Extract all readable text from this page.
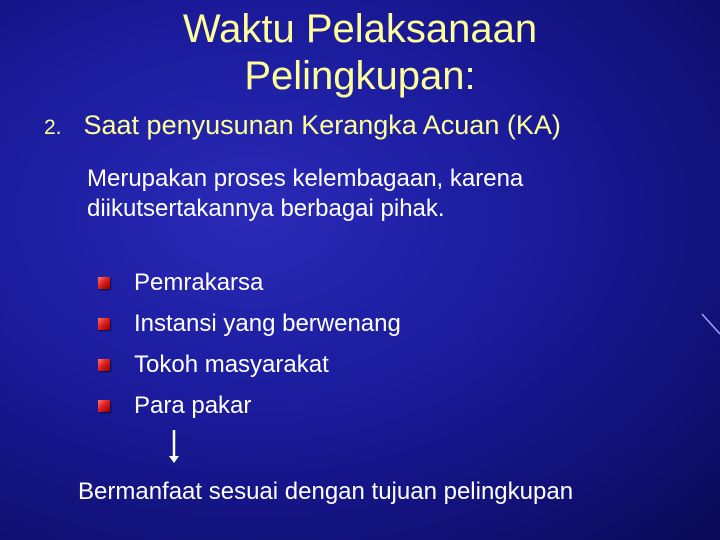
Waktu Pelaksanaan
Pelingkupan:
2. Saat penyusunan Kerangka Acuan (KA)
Merupakan proses kelembagaan, karena
diikutsertakannya berbagai pihak.
Pemrakarsa
Instansi yang berwenang
Tokoh masyarakat
Para pakar
Bermanfaat sesuai dengan tujuan pelingkupan
